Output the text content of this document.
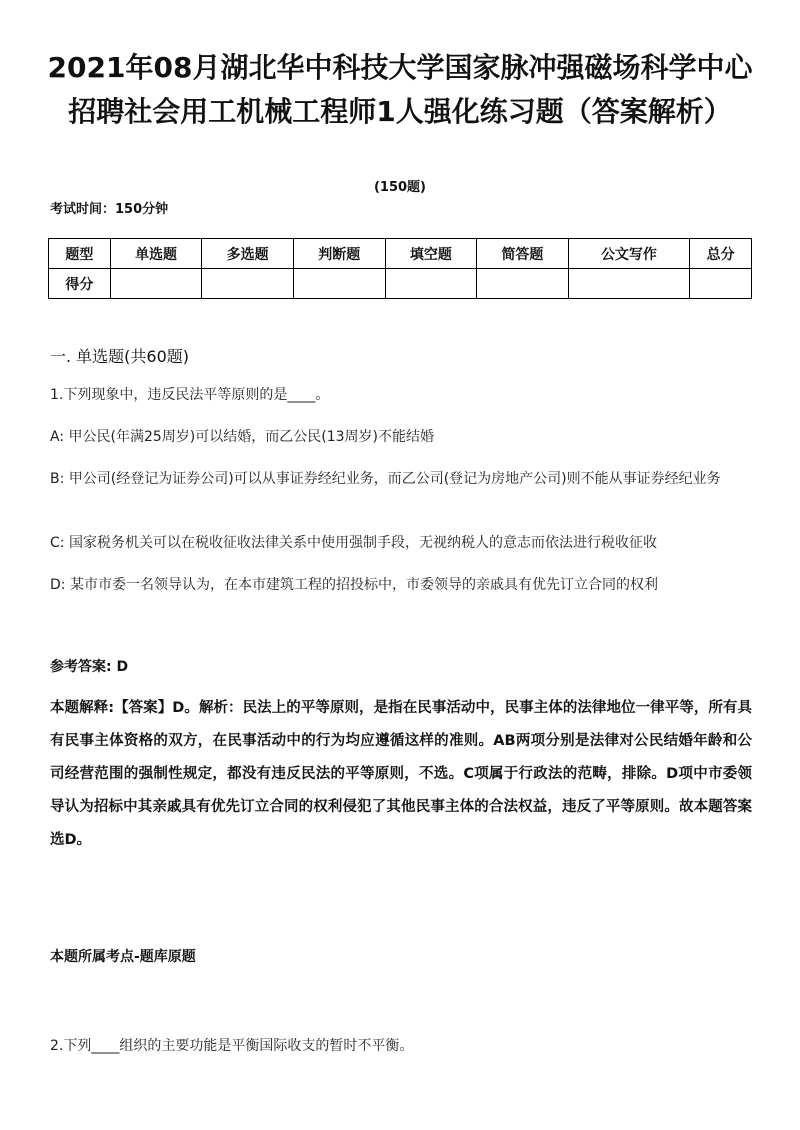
2021年08月湖北华中科技大学国家脉冲强磁场科学中心招聘社会用工机械工程师1人强化练习题（答案解析）
(150题)
考试时间：150分钟
题型	单选题	多选题	判断题	填空题	简答题	公文写作	总分
得分							
一. 单选题(共60题)
1.下列现象中，违反民法平等原则的是____。
A: 甲公民(年满25周岁)可以结婚，而乙公民(13周岁)不能结婚
B: 甲公司(经登记为证券公司)可以从事证券经纪业务，而乙公司(登记为房地产公司)则不能从事证券经纪业务
C: 国家税务机关可以在税收征收法律关系中使用强制手段，无视纳税人的意志而依法进行税收征收
D: 某市市委一名领导认为，在本市建筑工程的招投标中，市委领导的亲戚具有优先订立合同的权利
参考答案: D
本题解释:【答案】D。解析：民法上的平等原则，是指在民事活动中，民事主体的法律地位一律平等，所有具有民事主体资格的双方，在民事活动中的行为均应遵循这样的准则。AB两项分别是法律对公民结婚年龄和公司经营范围的强制性规定，都没有违反民法的平等原则，不选。C项属于行政法的范畴，排除。D项中市委领导认为招标中其亲戚具有优先订立合同的权利侵犯了其他民事主体的合法权益，违反了平等原则。故本题答案选D。
本题所属考点-题库原题
2.下列____组织的主要功能是平衡国际收支的暂时不平衡。
